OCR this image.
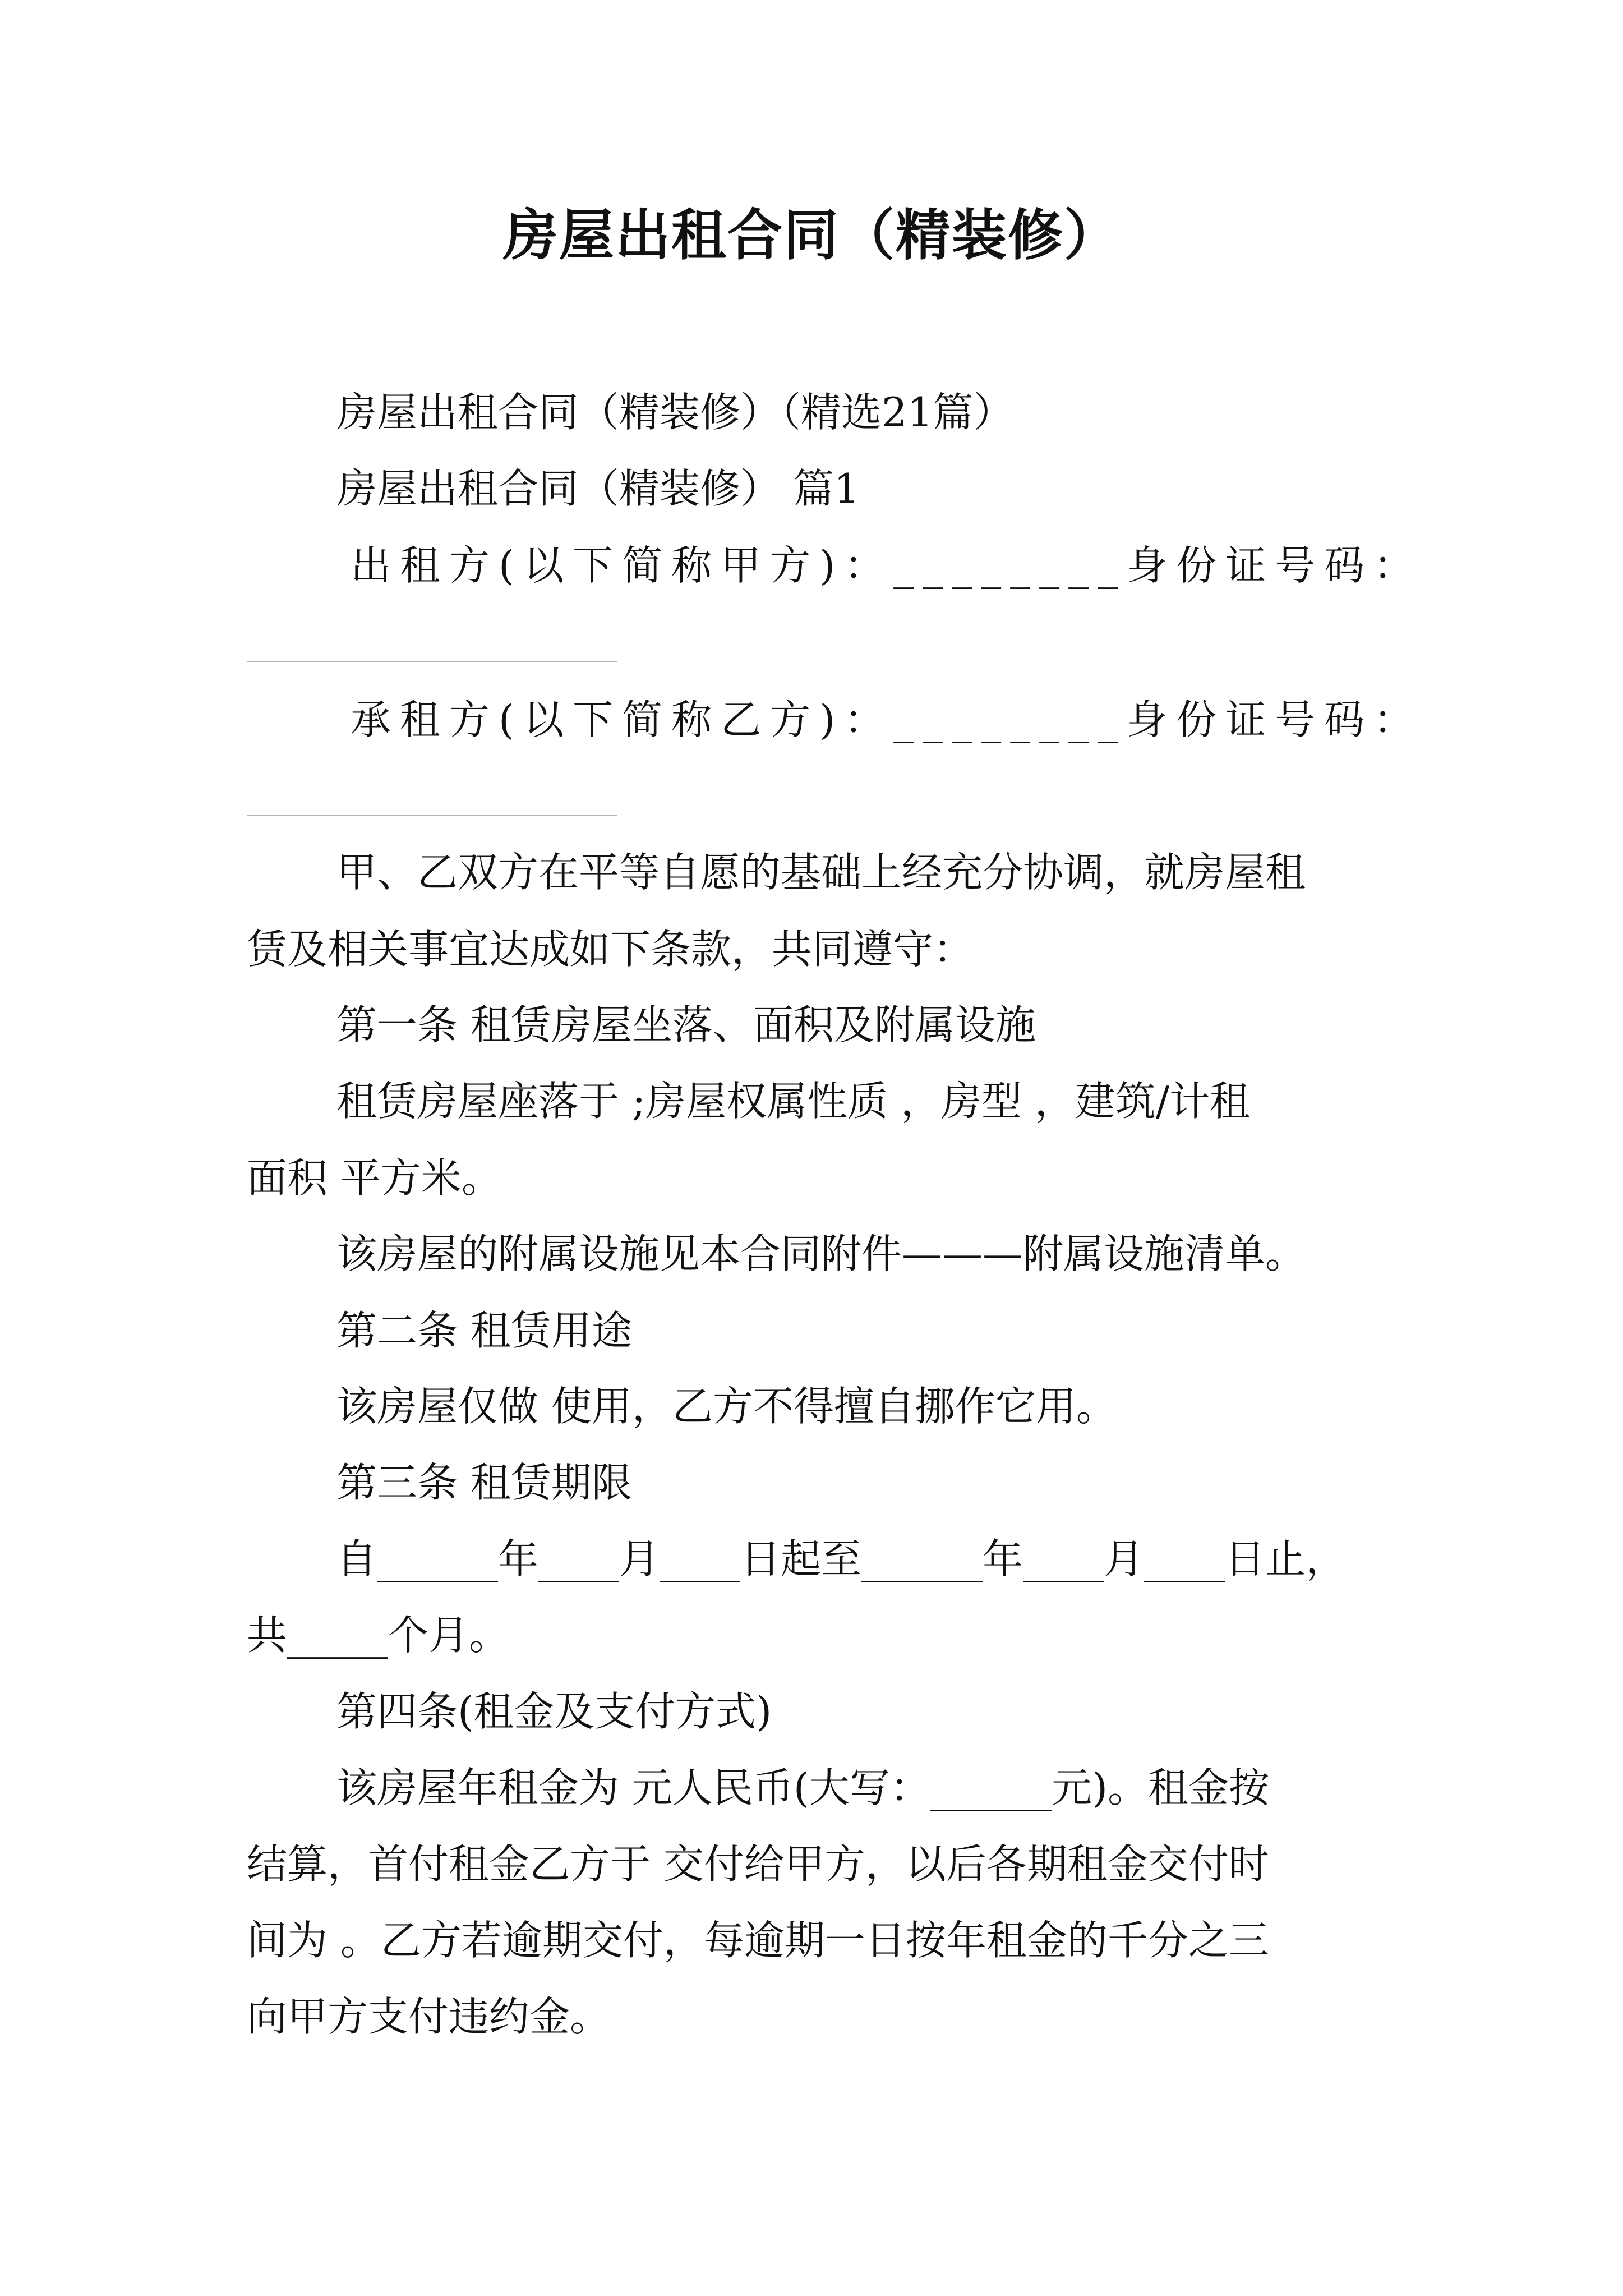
房屋出租合同（精装修）

房屋出租合同（精装修）（精选21篇）

房屋出租合同（精装修） 篇1

出租方(以下简称甲方)：________身份证号码：

承租方(以下简称乙方)：________身份证号码：

甲、乙双方在平等自愿的基础上经充分协调，就房屋租

赁及相关事宜达成如下条款，共同遵守：

第一条 租赁房屋坐落、面积及附属设施

租赁房屋座落于 ;房屋权属性质 ，房型 ，建筑/计租

面积 平方米。

该房屋的附属设施见本合同附件———附属设施清单。

第二条 租赁用途

该房屋仅做 使用，乙方不得擅自挪作它用。

第三条 租赁期限

自______年____月____日起至______年____月____日止，

共_____个月。

第四条(租金及支付方式)

该房屋年租金为 元人民币(大写：______元)。租金按

结算，首付租金乙方于 交付给甲方，以后各期租金交付时

间为 。乙方若逾期交付，每逾期一日按年租金的千分之三

向甲方支付违约金。
